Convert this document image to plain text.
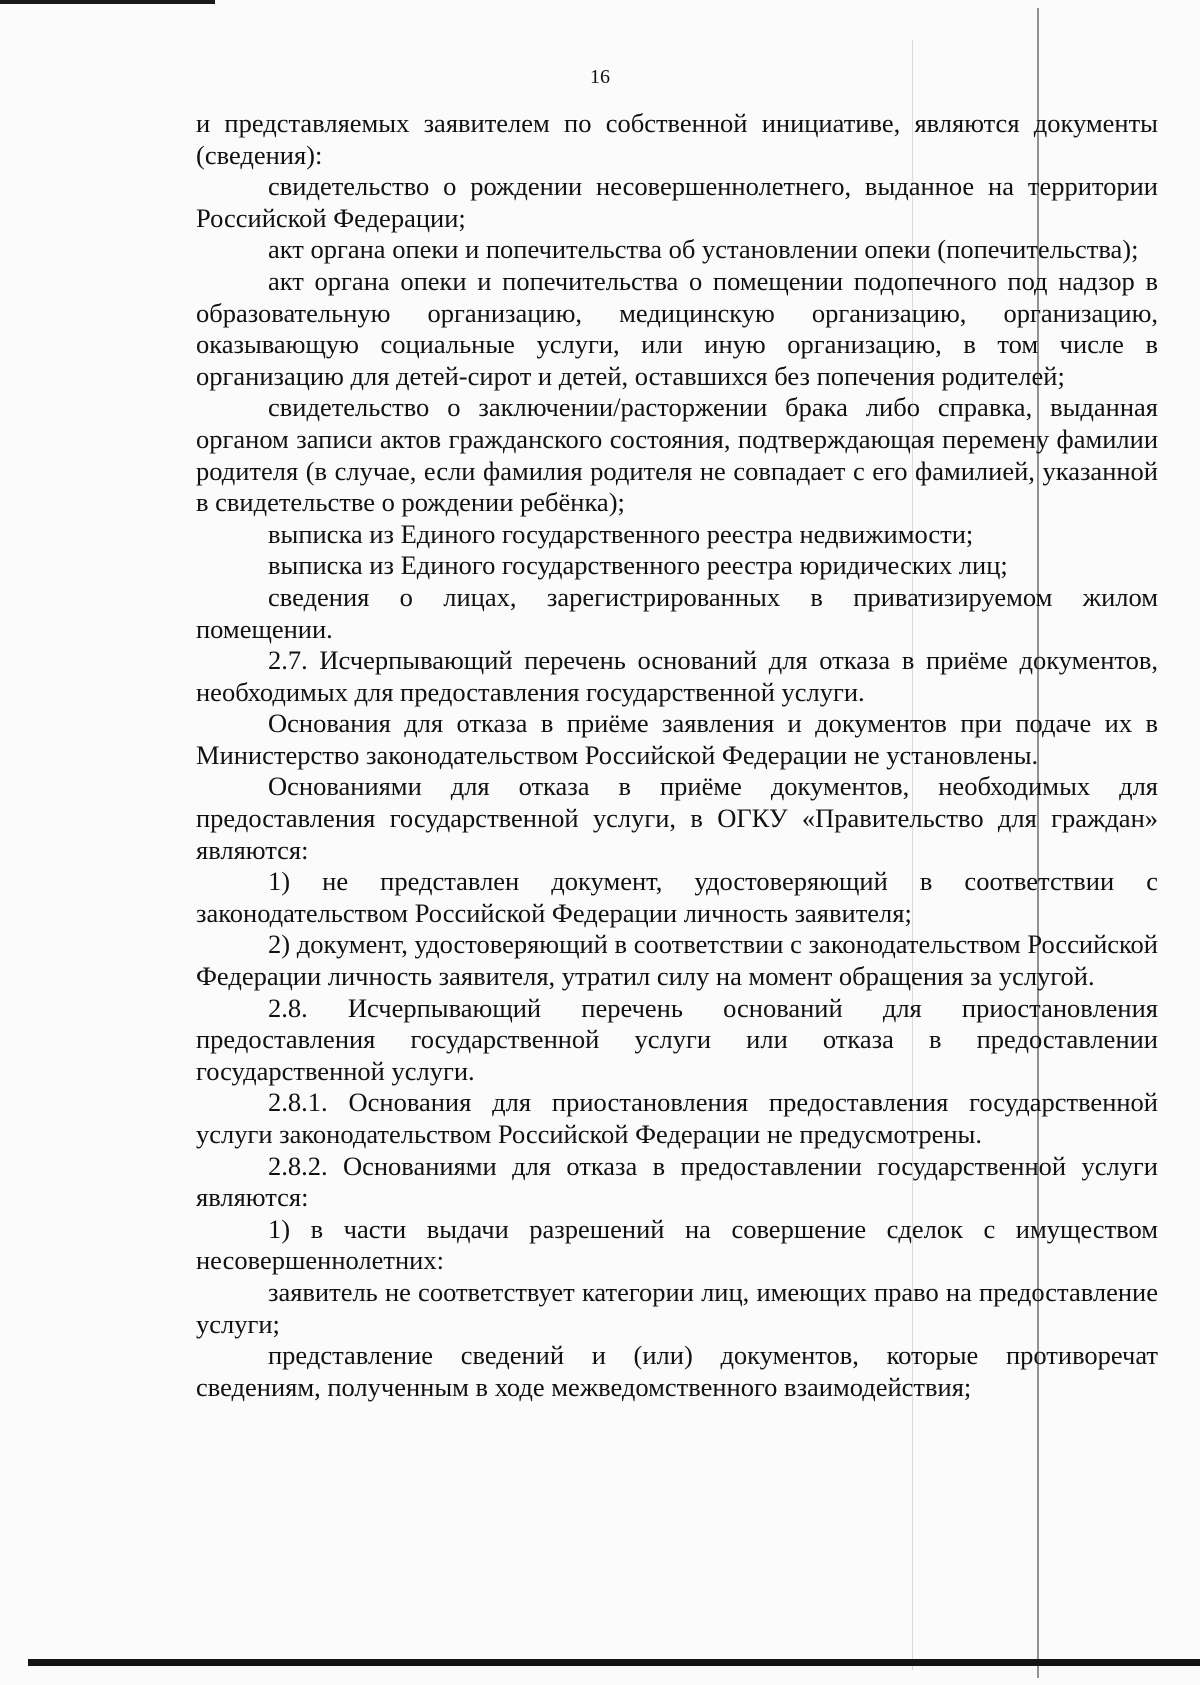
16

и представляемых заявителем по собственной инициативе, являются документы (сведения):

свидетельство о рождении несовершеннолетнего, выданное на территории Российской Федерации;

акт органа опеки и попечительства об установлении опеки (попечительства);

акт органа опеки и попечительства о помещении подопечного под надзор в образовательную организацию, медицинскую организацию, организацию, оказывающую социальные услуги, или иную организацию, в том числе в организацию для детей-сирот и детей, оставшихся без попечения родителей;

свидетельство о заключении/расторжении брака либо справка, выданная органом записи актов гражданского состояния, подтверждающая перемену фамилии родителя (в случае, если фамилия родителя не совпадает с его фамилией, указанной в свидетельстве о рождении ребёнка);

выписка из Единого государственного реестра недвижимости;

выписка из Единого государственного реестра юридических лиц;

сведения о лицах, зарегистрированных в приватизируемом жилом помещении.

2.7. Исчерпывающий перечень оснований для отказа в приёме документов, необходимых для предоставления государственной услуги.

Основания для отказа в приёме заявления и документов при подаче их в Министерство законодательством Российской Федерации не установлены.

Основаниями для отказа в приёме документов, необходимых для предоставления государственной услуги, в ОГКУ «Правительство для граждан» являются:

1) не представлен документ, удостоверяющий в соответствии с законодательством Российской Федерации личность заявителя;

2) документ, удостоверяющий в соответствии с законодательством Российской Федерации личность заявителя, утратил силу на момент обращения за услугой.

2.8. Исчерпывающий перечень оснований для приостановления предоставления государственной услуги или отказа в предоставлении государственной услуги.

2.8.1. Основания для приостановления предоставления государственной услуги законодательством Российской Федерации не предусмотрены.

2.8.2. Основаниями для отказа в предоставлении государственной услуги являются:

1) в части выдачи разрешений на совершение сделок с имуществом несовершеннолетних:

заявитель не соответствует категории лиц, имеющих право на предоставление услуги;

представление сведений и (или) документов, которые противоречат сведениям, полученным в ходе межведомственного взаимодействия;
